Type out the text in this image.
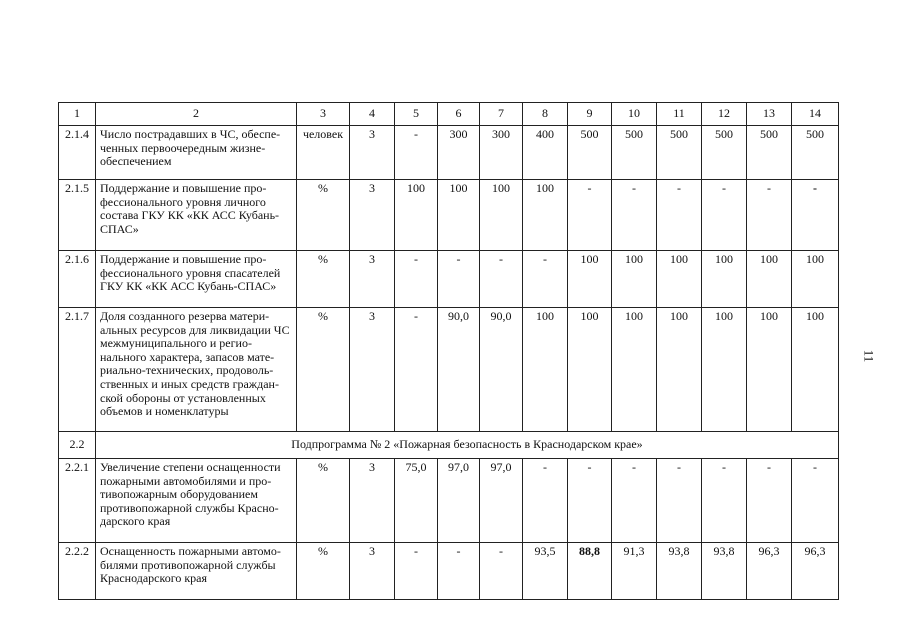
1	2	3	4	5	6	7	8	9	10	11	12	13	14
2.1.4	Число пострадавших в ЧС, обеспе-ченных первоочередным жизне-обеспечением	человек	3	-	300	300	400	500	500	500	500	500	500
2.1.5	Поддержание и повышение про-фессионального уровня личного состава ГКУ КК «КК АСС Кубань-СПАС»	%	3	100	100	100	100	-	-	-	-	-	-
2.1.6	Поддержание и повышение про-фессионального уровня спасателей ГКУ КК «КК АСС Кубань-СПАС»	%	3	-	-	-	-	100	100	100	100	100	100
2.1.7	Доля созданного резерва матери-альных ресурсов для ликвидации ЧС межмуниципального и регио-нального характера, запасов мате-риально-технических, продоволь-ственных и иных средств граждан-ской обороны от установленных объемов и номенклатуры	%	3	-	90,0	90,0	100	100	100	100	100	100	100
2.2	Подпрограмма № 2 «Пожарная безопасность в Краснодарском крае»												
2.2.1	Увеличение степени оснащенности пожарными автомобилями и про-тивопожарным оборудованием противопожарной службы Красно-дарского края	%	3	75,0	97,0	97,0	-	-	-	-	-	-	-
2.2.2	Оснащенность пожарными автомо-билями противопожарной службы Краснодарского края	%	3	-	-	-	93,5	88,8	91,3	93,8	93,8	96,3	96,3
11
